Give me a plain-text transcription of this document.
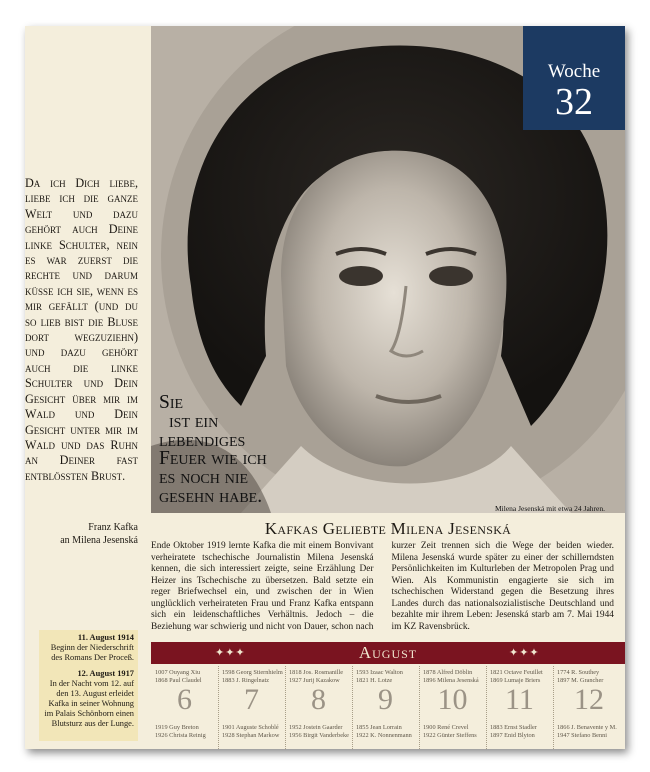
Sie
ist ein
lebendiges
Feuer wie ich
es noch nie
gesehn habe.
Milena Jesenská mit etwa 24 Jahren.
Woche
32
Da ich Dich liebe, liebe ich die ganze Welt und dazu gehört auch Deine linke Schulter, nein es war zuerst die rechte und darum küsse ich sie, wenn es mir gefällt (und du so lieb bist die Bluse dort wegzuziehn) und dazu gehört auch die linke Schulter und Dein Gesicht über mir im Wald und Dein Gesicht unter mir im Wald und das Ruhn an Deiner fast entblössten Brust.
Franz Kafka
an Milena Jesenská
Kafkas Geliebte Milena Jesenská

Ende Oktober 1919 lernte Kafka die mit einem Bonvivant verheiratete tschechische Journalistin Milena Jesenská kennen, die sich interessiert zeigte, seine Erzählung Der Heizer ins Tschechische zu übersetzen. Bald setzte ein reger Briefwechsel ein, und zwischen der in Wien unglücklich verheirateten Frau und Franz Kafka entspann sich ein leidenschaftliches Verhältnis. Jedoch – die Beziehung war schwierig und nicht von Dauer, schon nach kurzer Zeit trennen sich die Wege der beiden wieder. Milena Jesenská wurde später zu einer der schillerndsten Persönlichkeiten im Kulturleben der Metropolen Prag und Wien. Als Kommunistin engagierte sie sich im tschechischen Widerstand gegen die Besetzung ihres Landes durch das nationalsozialistische Deutschland und bezahlte mir ihrem Leben: Jesenská starb am 7. Mai 1944 im KZ Ravensbrück.

11. August 1914
Beginn der Niederschrift des Romans Der Proceß.
12. August 1917
In der Nacht vom 12. auf den 13. August erleidet Kafka in seiner Wohnung im Palais Schönborn einen Blutsturz aus der Lunge.
✦✦✦	August	✦✦✦
1007 Ouyang Xiu
1868 Paul Claudel
6
1919 Guy Breton
1926 Christa Reinig
1598 Georg Stiernhielm
1883 J. Ringelnatz
7
1901 Auguste Schoblé
1928 Stephan Markow
1818 Jos. Rosmanille
1927 Jurij Kazakow
8
1952 Jostein Gaarder
1956 Birgit Vanderbeke
1593 Izaac Walton
1821 H. Lotze
9
1855 Jean Lorrain
1922 K. Nonnenmann
1878 Alfred Döblin
1896 Milena Jesenská
10
1900 René Crevel
1922 Günter Steffens
1821 Octave Feuillet
1869 Lumaje Briers
11
1883 Ernst Stadler
1897 Enid Blyton
1774 R. Southey
1897 M. Grancher
12
1866 J. Benavente y M.
1947 Stefano Benni
